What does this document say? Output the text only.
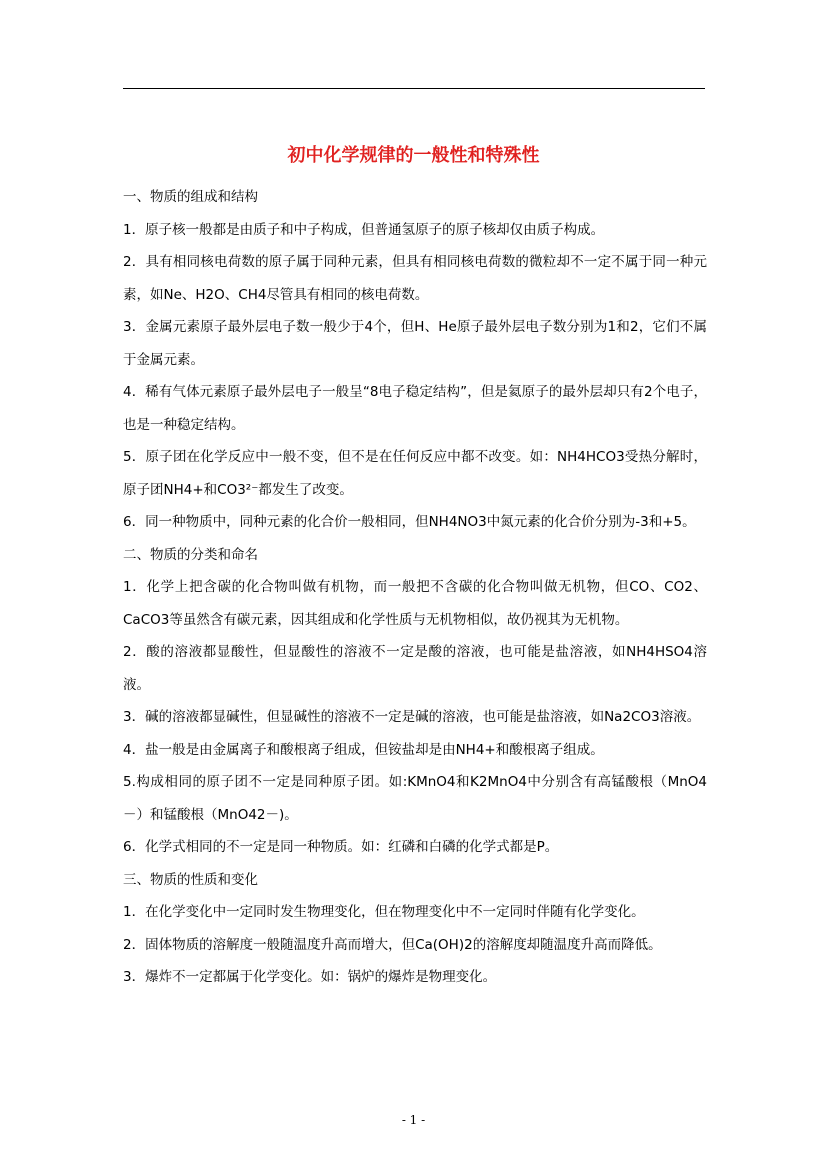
初中化学规律的一般性和特殊性

一、物质的组成和结构

1．原子核一般都是由质子和中子构成，但普通氢原子的原子核却仅由质子构成。

2．具有相同核电荷数的原子属于同种元素，但具有相同核电荷数的微粒却不一定不属于同一种元素，如Ne、H2O、CH4尽管具有相同的核电荷数。

3．金属元素原子最外层电子数一般少于4个，但H、He原子最外层电子数分别为1和2，它们不属于金属元素。

4．稀有气体元素原子最外层电子一般呈“8电子稳定结构”，但是氦原子的最外层却只有2个电子，也是一种稳定结构。

5．原子团在化学反应中一般不变，但不是在任何反应中都不改变。如：NH4HCO3受热分解时，原子团NH4+和CO3²⁻都发生了改变。

6．同一种物质中，同种元素的化合价一般相同，但NH4NO3中氮元素的化合价分别为-3和+5。

二、物质的分类和命名

1．化学上把含碳的化合物叫做有机物，而一般把不含碳的化合物叫做无机物，但CO、CO2、CaCO3等虽然含有碳元素，因其组成和化学性质与无机物相似，故仍视其为无机物。

2．酸的溶液都显酸性，但显酸性的溶液不一定是酸的溶液，也可能是盐溶液，如NH4HSO4溶液。

3．碱的溶液都显碱性，但显碱性的溶液不一定是碱的溶液，也可能是盐溶液，如Na2CO3溶液。

4．盐一般是由金属离子和酸根离子组成，但铵盐却是由NH4+和酸根离子组成。

5.构成相同的原子团不一定是同种原子团。如:KMnO4和K2MnO4中分别含有高锰酸根（MnO4－）和锰酸根（MnO42－)。

6．化学式相同的不一定是同一种物质。如：红磷和白磷的化学式都是P。

三、物质的性质和变化

1．在化学变化中一定同时发生物理变化，但在物理变化中不一定同时伴随有化学变化。

2．固体物质的溶解度一般随温度升高而增大，但Ca(OH)2的溶解度却随温度升高而降低。

3．爆炸不一定都属于化学变化。如：锅炉的爆炸是物理变化。

- 1 -
